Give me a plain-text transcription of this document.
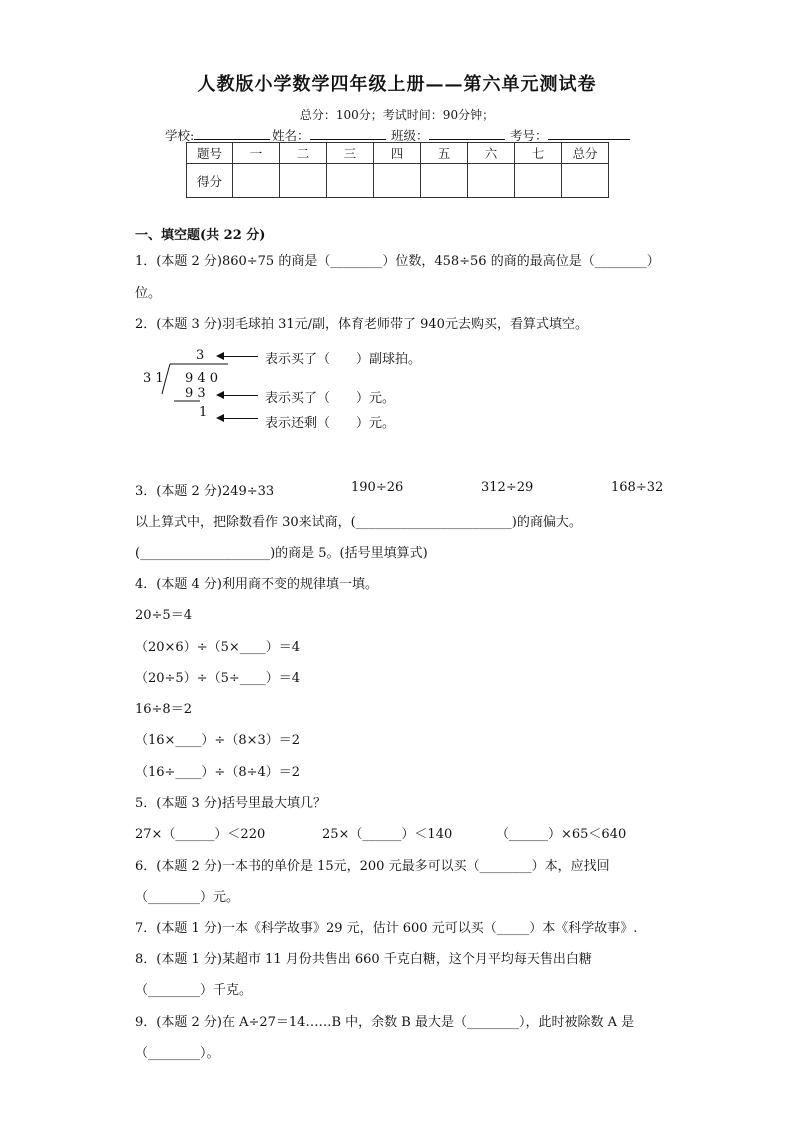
人教版小学数学四年级上册——第六单元测试卷
总分：100分；考试时间：90分钟；
学校:	姓名：	班级：	考号：
题号	一	二	三	四	五	六	七	总分
得分								
一、填空题(共 22 分)
1．(本题 2 分)860÷75 的商是（________）位数，458÷56 的商的最高位是（________）
位。
2．(本题 3 分)羽毛球拍 31元/副，体育老师带了 940元去购买，看算式填空。
3
3 1 9 4 0
9 3
1
表示买了（　　）副球拍。
表示买了（　　）元。
表示还剩（　　）元。
3．(本题 2 分)249÷33	190÷26	312÷29	168÷32
以上算式中，把除数看作 30来试商，(________________________)的商偏大。
(____________________)的商是 5。(括号里填算式)
4．(本题 4 分)利用商不变的规律填一填。
20÷5＝4
（20×6）÷（5×____）＝4
（20÷5）÷（5÷____）＝4
16÷8＝2
（16×____）÷（8×3）＝2
（16÷____）÷（8÷4）＝2
5．(本题 3 分)括号里最大填几？
27×（______）＜220	25×（______）＜140	（______）×65＜640
6．(本题 2 分)一本书的单价是 15元，200 元最多可以买（________）本，应找回
（________）元。
7．(本题 1 分)一本《科学故事》29 元，估计 600 元可以买（_____）本《科学故事》.
8．(本题 1 分)某超市 11 月份共售出 660 千克白糖，这个月平均每天售出白糖
（________）千克。
9．(本题 2 分)在 A÷27＝14……B 中，余数 B 最大是（________），此时被除数 A 是
（________）。
